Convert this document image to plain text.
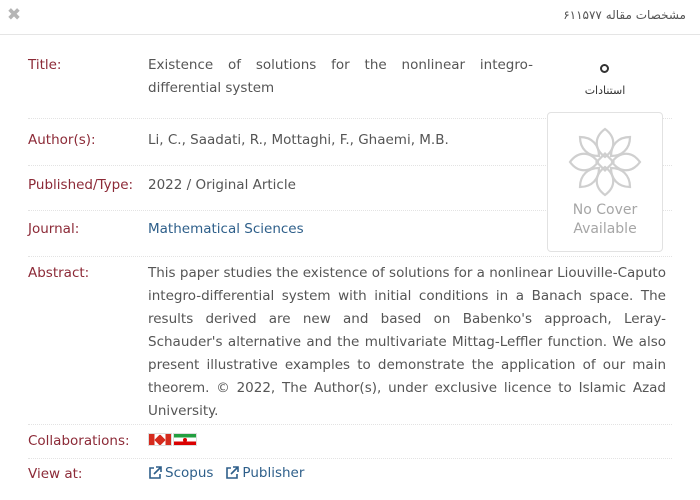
✖	مشخصات مقاله ۶۱۱۵۷۷
Title:	Existence of solutions for the nonlinear integro-differential system
Author(s):	Li, C., Saadati, R., Mottaghi, F., Ghaemi, M.B.
Published/Type: 2022 / Original Article
Journal:	Mathematical Sciences
Abstract:	This paper studies the existence of solutions for a nonlinear Liouville-Caputo integro-differential system with initial conditions in a Banach space. The results derived are new and based on Babenko's approach, Leray-Schauder's alternative and the multivariate Mittag-Leffler function. We also present illustrative examples to demonstrate the application of our main theorem. © 2022, The Author(s), under exclusive licence to Islamic Azad University.
Collaborations:
View at:	Scopus Publisher
استنادات
No Cover
Available
